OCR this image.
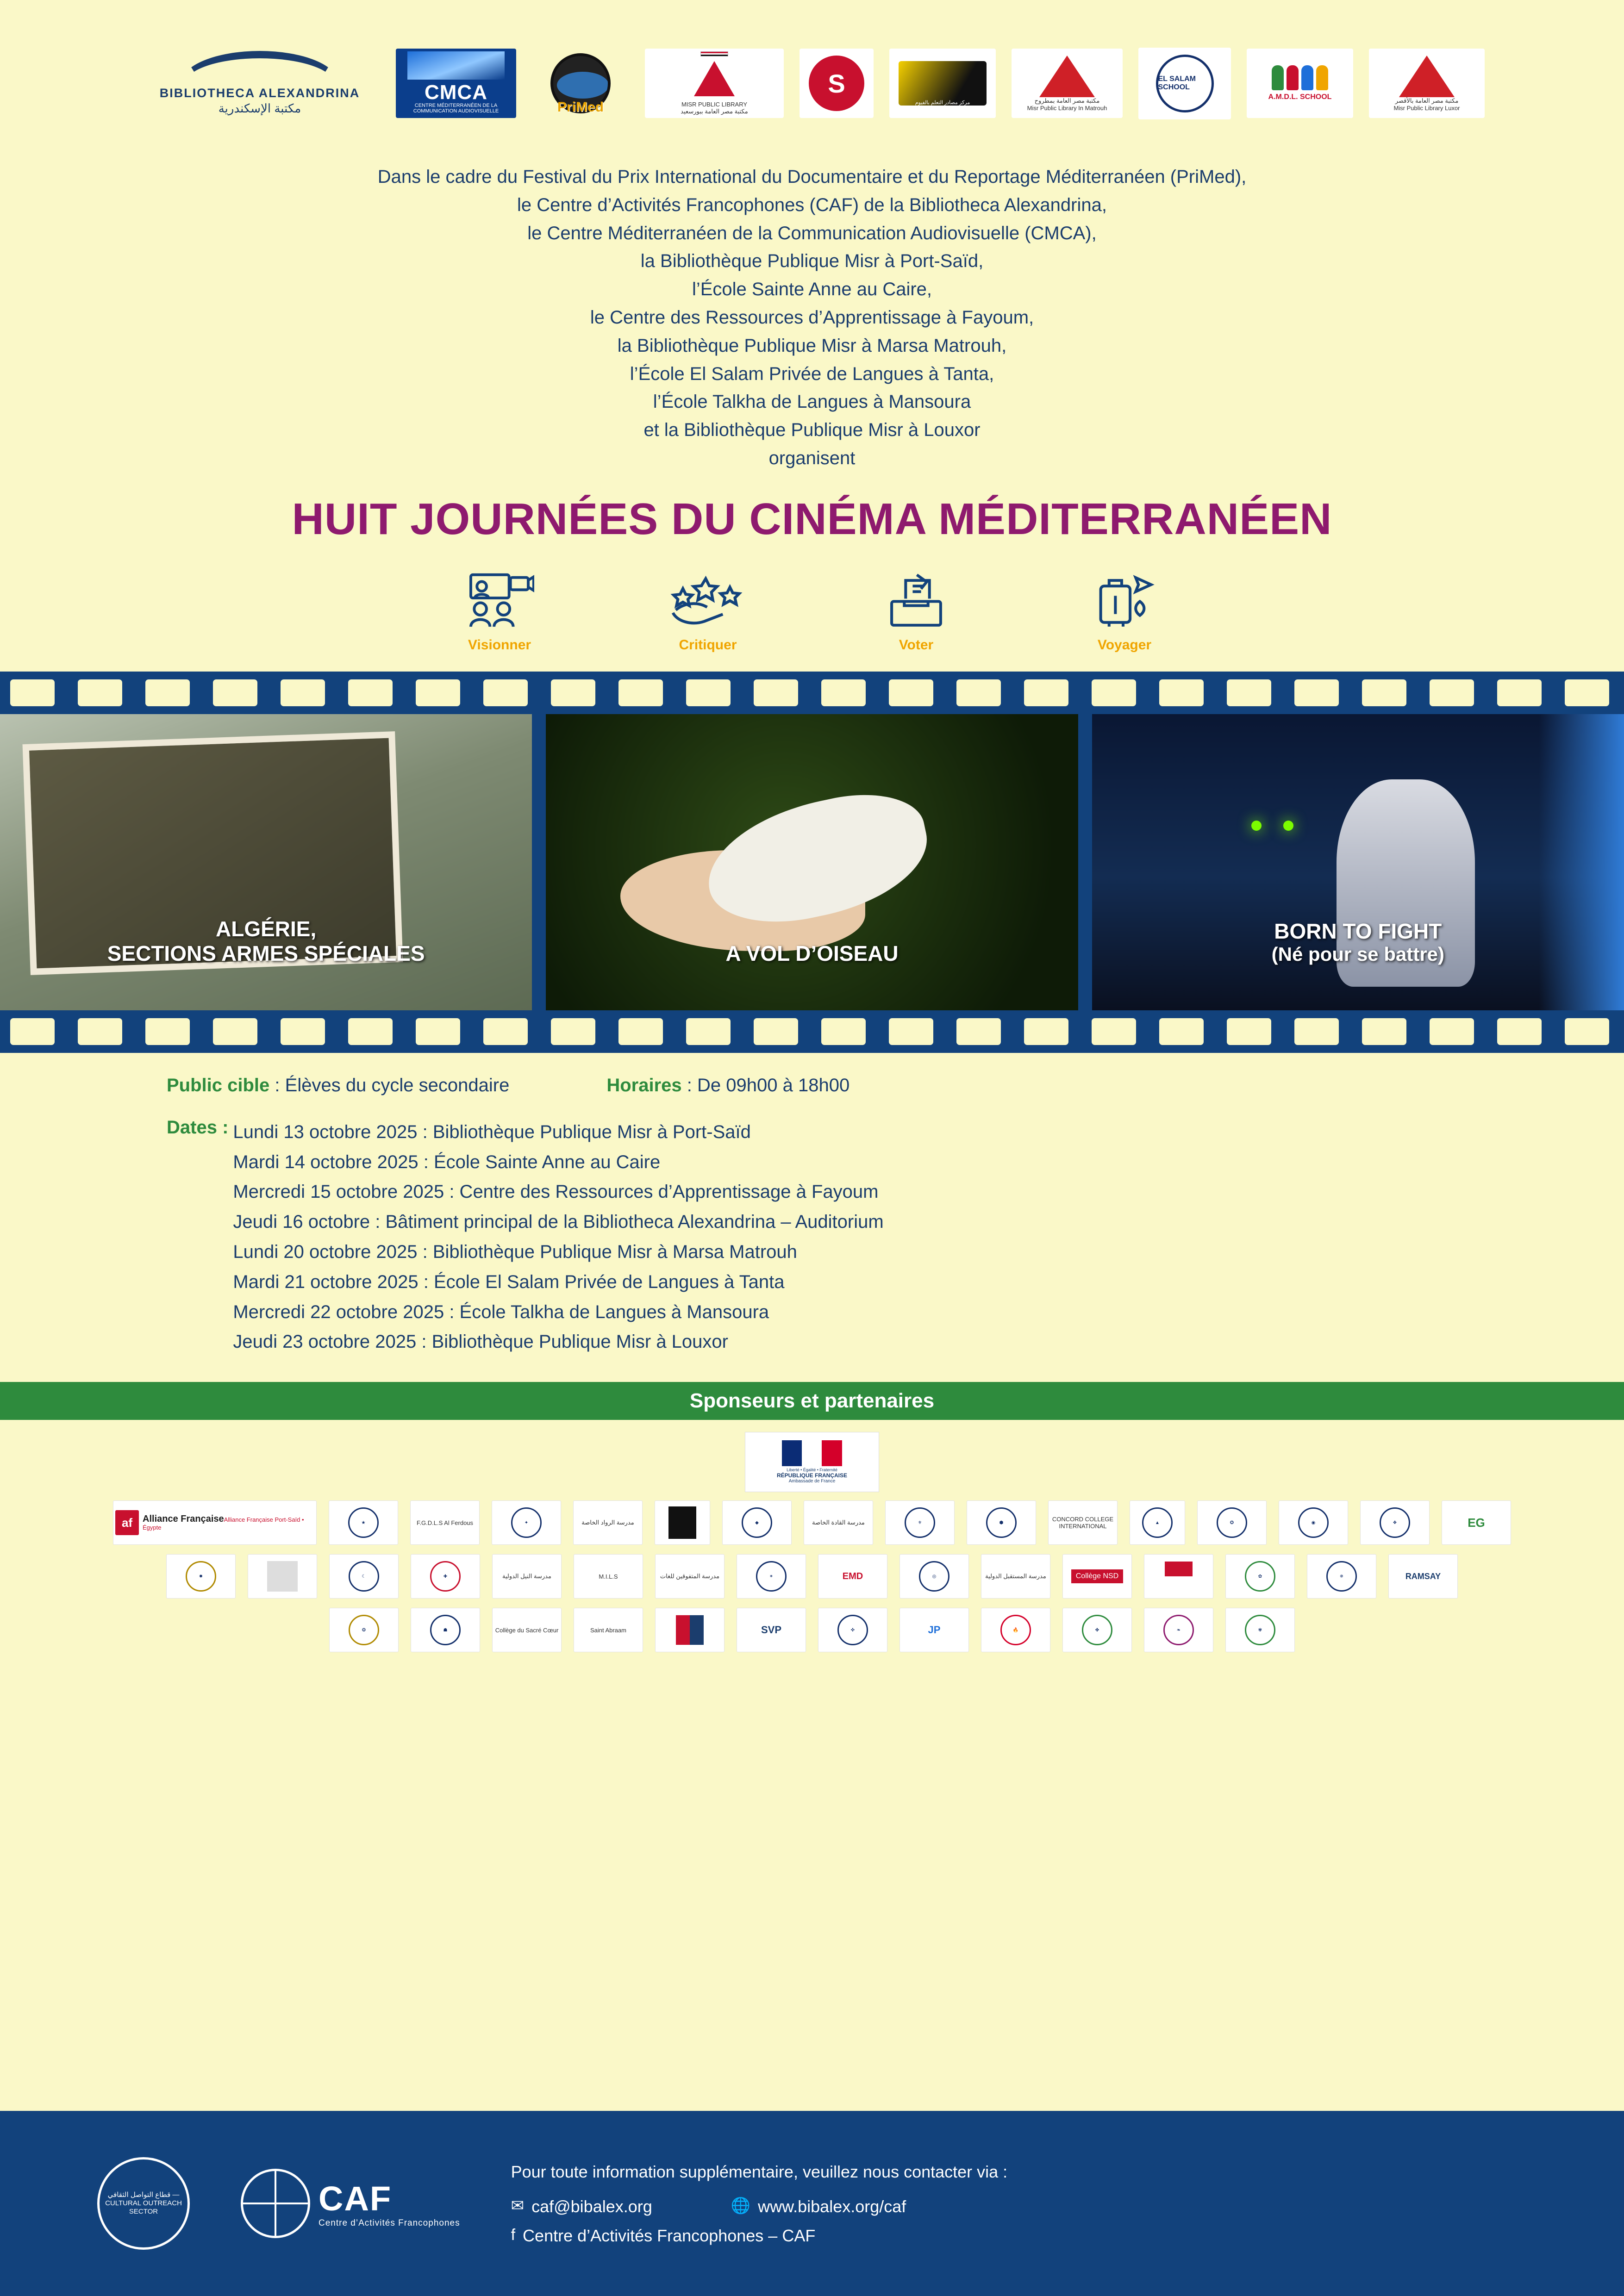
BIBLIOTHECA ALEXANDRINA
مكتبة الإسكندرية
CMCA
CENTRE MÉDITERRANÉEN DE LA COMMUNICATION AUDIOVISUELLE	PriMed	MISR PUBLIC LIBRARY
مكتبة مصر العامة ببورسعيد
S
مركز مصادر التعلم بالفيوم	مكتبة مصر العامة بمطروح
Misr Public Library In Matrouh
EL SALAM SCHOOL
A.M.D.L. SCHOOL	مكتبة مصر العامة بالأقصر
Misr Public Library Luxor
Dans le cadre du Festival du Prix International du Documentaire et du Reportage Méditerranéen (PriMed),
le Centre d’Activités Francophones (CAF) de la Bibliotheca Alexandrina,
le Centre Méditerranéen de la Communication Audiovisuelle (CMCA),
la Bibliothèque Publique Misr à Port-Saïd,
l’École Sainte Anne au Caire,
le Centre des Ressources d’Apprentissage à Fayoum,
la Bibliothèque Publique Misr à Marsa Matrouh,
l’École El Salam Privée de Langues à Tanta,
l’École Talkha de Langues à Mansoura
et la Bibliothèque Publique Misr à Louxor
organisent
HUIT JOURNÉES DU CINÉMA MÉDITERRANÉEN
Visionner	Critiquer	Voter	Voyager
ALGÉRIE,
SECTIONS ARMES SPÉCIALES	A VOL D’OISEAU
BORN TO FIGHT
(Né pour se battre)
Public cible : Élèves du cycle secondaire	Horaires : De 09h00 à 18h00
Dates : Lundi 13 octobre 2025 : Bibliothèque Publique Misr à Port-Saïd
Mardi 14 octobre 2025 : École Sainte Anne au Caire
Mercredi 15 octobre 2025 : Centre des Ressources d’Apprentissage à Fayoum
Jeudi 16 octobre : Bâtiment principal de la Bibliotheca Alexandrina – Auditorium
Lundi 20 octobre 2025 : Bibliothèque Publique Misr à Marsa Matrouh
Mardi 21 octobre 2025 : École El Salam Privée de Langues à Tanta
Mercredi 22 octobre 2025 : École Talkha de Langues à Mansoura
Jeudi 23 octobre 2025 : Bibliothèque Publique Misr à Louxor
Sponseurs et partenaires
Liberté • Égalité • Fraternité
RÉPUBLIQUE FRANÇAISE
Ambassade de France
af	Alliance FrançaiseAlliance Française Port-Saïd • Égypte
★	F.G.D.L.S Al Ferdous	✦	مدرسة الرواد الخاصة	◆	مدرسة القادة الخاصة	⚜	⬢	CONCORD COLLEGE INTERNATIONAL	▲	✪	◉	❖	EG
✸	☾	✚	مدرسة النيل الدولية	M.I.L.S	مدرسة المتفوقين للغات	✶	EMD	◎	مدرسة المستقبل الدولية	Collège NSD	✿	✵	RAMSAY
❂	☗	Collège du Sacré Cœur	Saint Abraam	SVP	✜	JP	🔥	✤	❧	✾
قطاع التواصل الثقافي — CULTURAL OUTREACH SECTOR	CAF
Centre d’Activités Francophones
Pour toute information supplémentaire, veuillez nous contacter via :
✉ caf@bibalex.org	🌐 www.bibalex.org/caf
f Centre d’Activités Francophones – CAF
